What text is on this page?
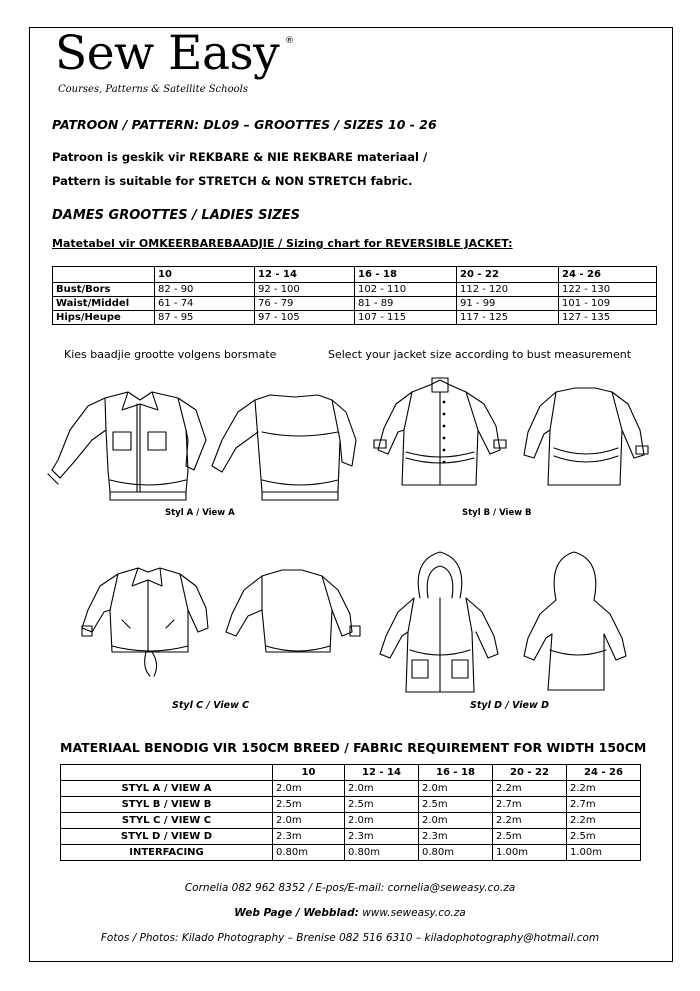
Sew Easy ®
Courses, Patterns & Satellite Schools
PATROON / PATTERN: DL09 – GROOTTES / SIZES 10 - 26
Patroon is geskik vir REKBARE & NIE REKBARE materiaal /
Pattern is suitable for STRETCH & NON STRETCH fabric.
DAMES GROOTTES / LADIES SIZES
Matetabel vir OMKEERBAREBAADJIE / Sizing chart for REVERSIBLE JACKET:
	10	12 - 14	16 - 18	20 - 22	24 - 26
Bust/Bors	82 - 90	92 - 100	102 - 110	112 - 120	122 - 130
Waist/Middel	61 - 74	76 - 79	81 - 89	91 - 99	101 - 109
Hips/Heupe	87 - 95	97 - 105	107 - 115	117 - 125	127 - 135
Kies baadjie grootte volgens borsmate	Select your jacket size according to bust measurement
Styl A / View A	Styl B / View B
Styl C / View C	Styl D / View D
MATERIAAL BENODIG VIR 150CM BREED / FABRIC REQUIREMENT FOR WIDTH 150CM
	10	12 - 14	16 - 18	20 - 22	24 - 26
STYL A / VIEW A	2.0m	2.0m	2.0m	2.2m	2.2m
STYL B / VIEW B	2.5m	2.5m	2.5m	2.7m	2.7m
STYL C / VIEW C	2.0m	2.0m	2.0m	2.2m	2.2m
STYL D / VIEW D	2.3m	2.3m	2.3m	2.5m	2.5m
INTERFACING	0.80m	0.80m	0.80m	1.00m	1.00m
Cornelia 082 962 8352 / E-pos/E-mail: cornelia@seweasy.co.za
Web Page / Webblad: www.seweasy.co.za
Fotos / Photos: Kilado Photography – Brenise 082 516 6310 – kiladophotography@hotmail.com
